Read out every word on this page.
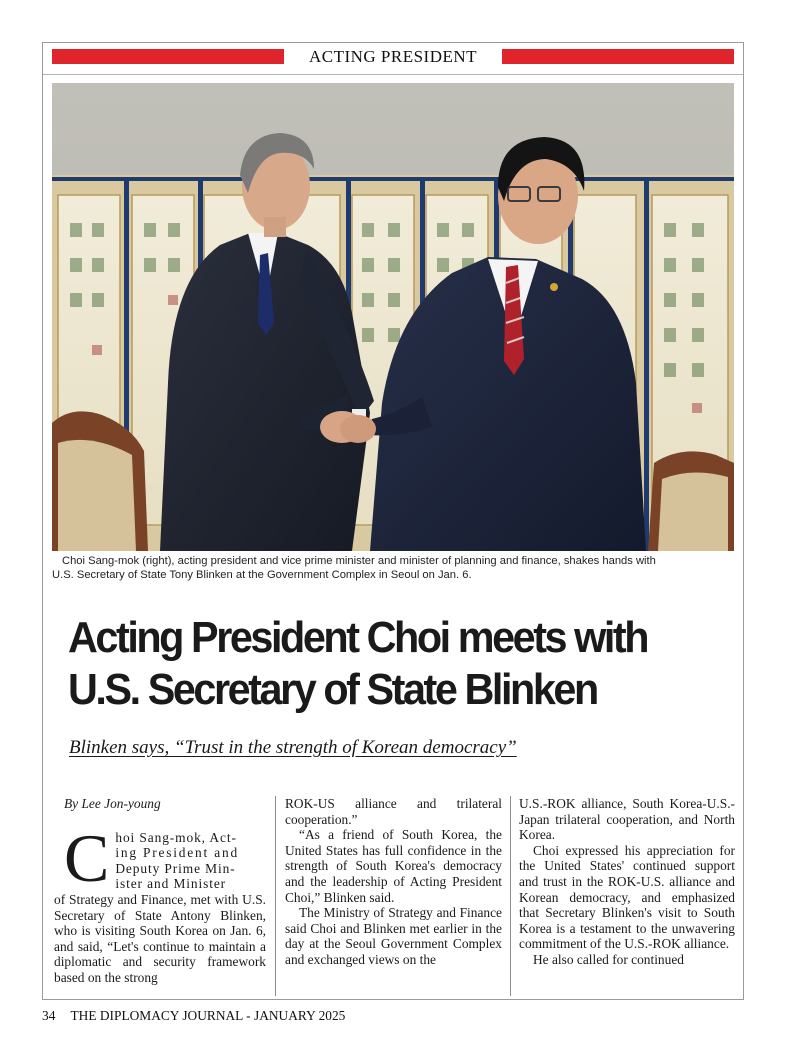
ACTING PRESIDENT
Choi Sang-mok (right), acting president and vice prime minister and minister of planning and finance, shakes hands with
U.S. Secretary of State Tony Blinken at the Government Complex in Seoul on Jan. 6.
Acting President Choi meets with
U.S. Secretary of State Blinken
Blinken says, “Trust in the strength of Korean democracy”

By Lee Jon-young

C hoi Sang-mok, Act-

ing President and

Deputy Prime Min-

ister and Minister

of Strategy and Finance, met with U.S. Secretary of State Antony Blinken, who is visiting South Korea on Jan. 6, and said, “Let's continue to maintain a diplomatic and security framework based on the strong

ROK-US alliance and trilateral cooperation.”

“As a friend of South Korea, the United States has full confidence in the strength of South Korea's democracy and the leadership of Acting President Choi,” Blinken said.

The Ministry of Strategy and Finance said Choi and Blinken met earlier in the day at the Seoul Government Complex and exchanged views on the

U.S.-ROK alliance, South Korea-U.S.-Japan trilateral cooperation, and North Korea.

Choi expressed his appreciation for the United States' continued support and trust in the ROK-U.S. alliance and Korean democracy, and emphasized that Secretary Blinken's visit to South Korea is a testament to the unwavering commitment of the U.S.-ROK alliance.

He also called for continued

34 THE DIPLOMACY JOURNAL - JANUARY 2025
